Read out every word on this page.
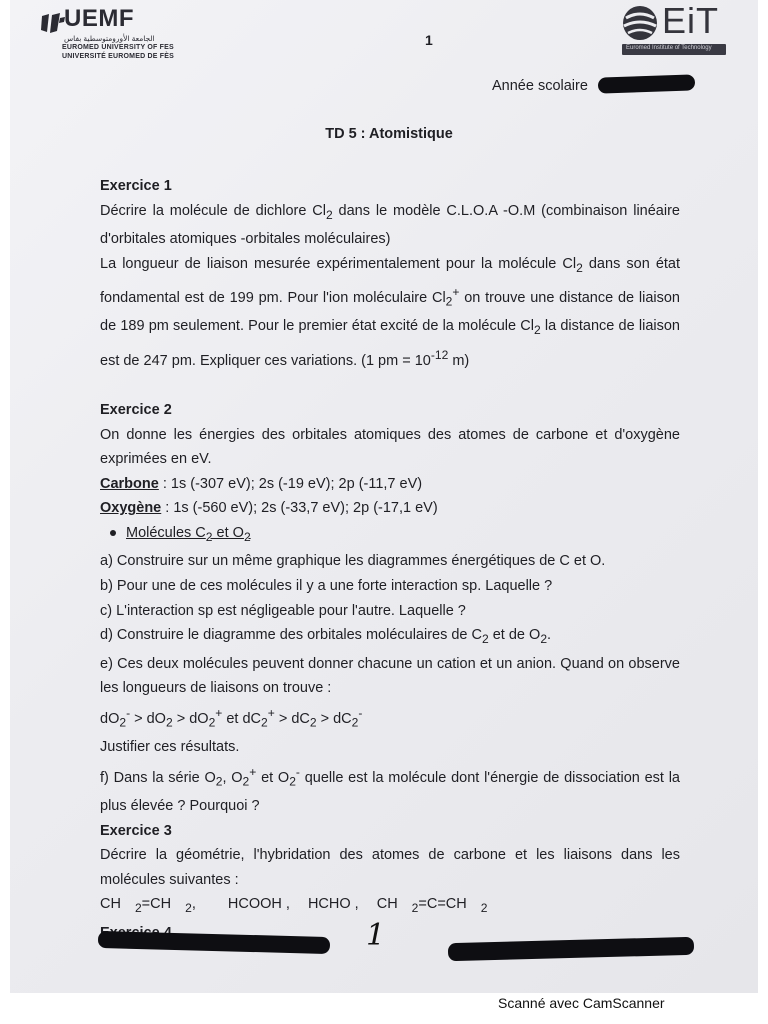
UEMF
الجامعة الأورومتوسطية بفاس
EUROMED UNIVERSITY OF FES
UNIVERSITÉ EUROMED DE FÈS
EiT
Euromed Institute of Technology
1
Année scolaire
TD 5 : Atomistique

Exercice 1

Décrire la molécule de dichlore $Cl_2$ dans le modèle C.L.O.A -O.M (combinaison linéaire d'orbitales atomiques -orbitales moléculaires)

La longueur de liaison mesurée expérimentalement pour la molécule $Cl_2$ dans son état fondamental est de 199 pm. Pour l'ion moléculaire $Cl_2^+$ on trouve une distance de liaison de 189 pm seulement. Pour le premier état excité de la molécule $Cl_2$ la distance de liaison est de 247 pm. Expliquer ces variations. (1 pm = $10^{-12}$ m)

Exercice 2

On donne les énergies des orbitales atomiques des atomes de carbone et d'oxygène exprimées en eV.

Carbone : 1s (-307 eV); 2s (-19 eV); 2p (-11,7 eV)

Oxygène : 1s (-560 eV); 2s (-33,7 eV); 2p (-17,1 eV)

Molécules $C_2$ et $O_2$

a) Construire sur un même graphique les diagrammes énergétiques de C et O.

b) Pour une de ces molécules il y a une forte interaction sp. Laquelle ?

c) L'interaction sp est négligeable pour l'autre. Laquelle ?

d) Construire le diagramme des orbitales moléculaires de $C_2$ et de $O_2$.

e) Ces deux molécules peuvent donner chacune un cation et un anion. Quand on observe les longueurs de liaisons on trouve :

$dO_2^- > dO_2 > dO_2^+$ et $dC_2^+ > dC_2 > dC_2^-$

Justifier ces résultats.

f) Dans la série $O_2$, $O_2^+$ et $O_2^-$ quelle est la molécule dont l'énergie de dissociation est la plus élevée ? Pourquoi ?

Exercice 3

Décrire la géométrie, l'hybridation des atomes de carbone et les liaisons dans les molécules suivantes :

CH $_2$=CH $_2$, HCOOH , HCHO , CH $_2$=C=CH $_2$

1
Scanné avec CamScanner
